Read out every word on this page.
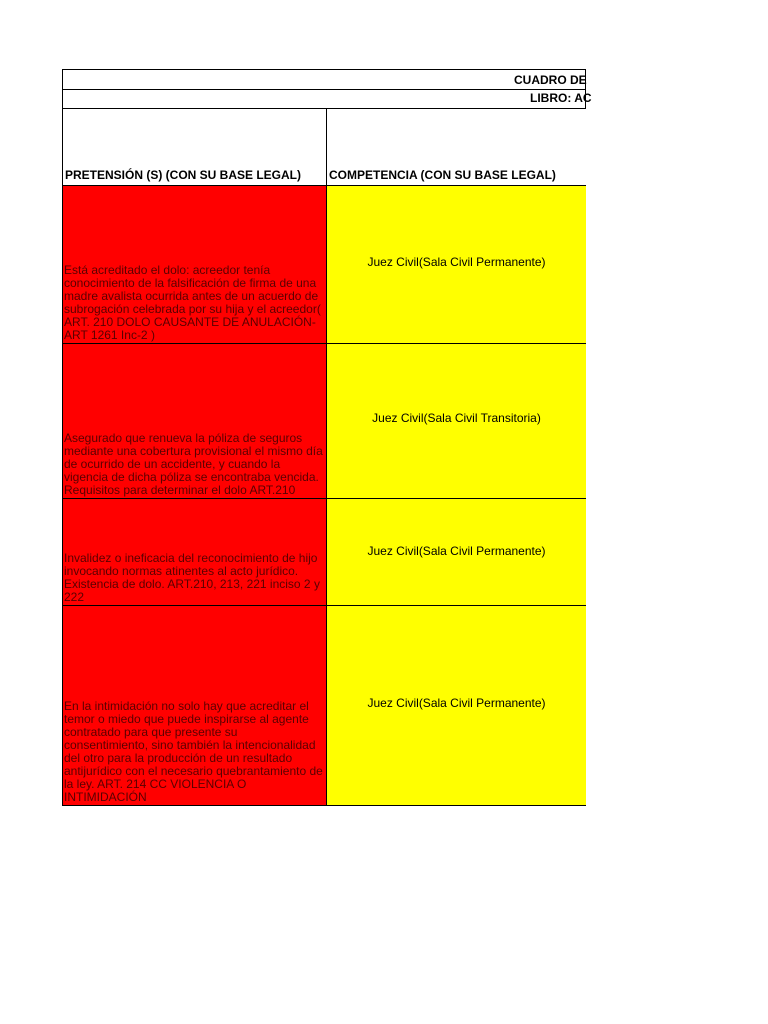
CUADRO DE
LIBRO: AC
PRETENSIÓN (S) (CON SU BASE LEGAL) COMPETENCIA (CON SU BASE LEGAL)
Está acreditado el dolo: acreedor tenía conocimiento de la falsificación de firma de una madre avalista ocurrida antes de un acuerdo de subrogación celebrada por su hija y el acreedor( ART. 210 DOLO CAUSANTE DE ANULACIÓN-ART 1261 Inc-2 )
Juez Civil(Sala Civil Permanente)
Asegurado que renueva la póliza de seguros mediante una cobertura provisional el mismo día de ocurrido de un accidente, y cuando la vigencia de dicha póliza se encontraba vencida. Requisitos para determinar el dolo ART.210
Juez Civil(Sala Civil Transitoria)
Invalidez o ineficacia del reconocimiento de hijo invocando normas atinentes al acto jurídico. Existencia de dolo. ART.210, 213, 221 inciso 2 y 222
Juez Civil(Sala Civil Permanente)
En la intimidación no solo hay que acreditar el temor o miedo que puede inspirarse al agente contratado para que presente su consentimiento, sino también la intencionalidad del otro para la producción de un resultado antijurídico con el necesario quebrantamiento de la ley. ART. 214 CC VIOLENCIA O INTIMIDACIÓN
Juez Civil(Sala Civil Permanente)
